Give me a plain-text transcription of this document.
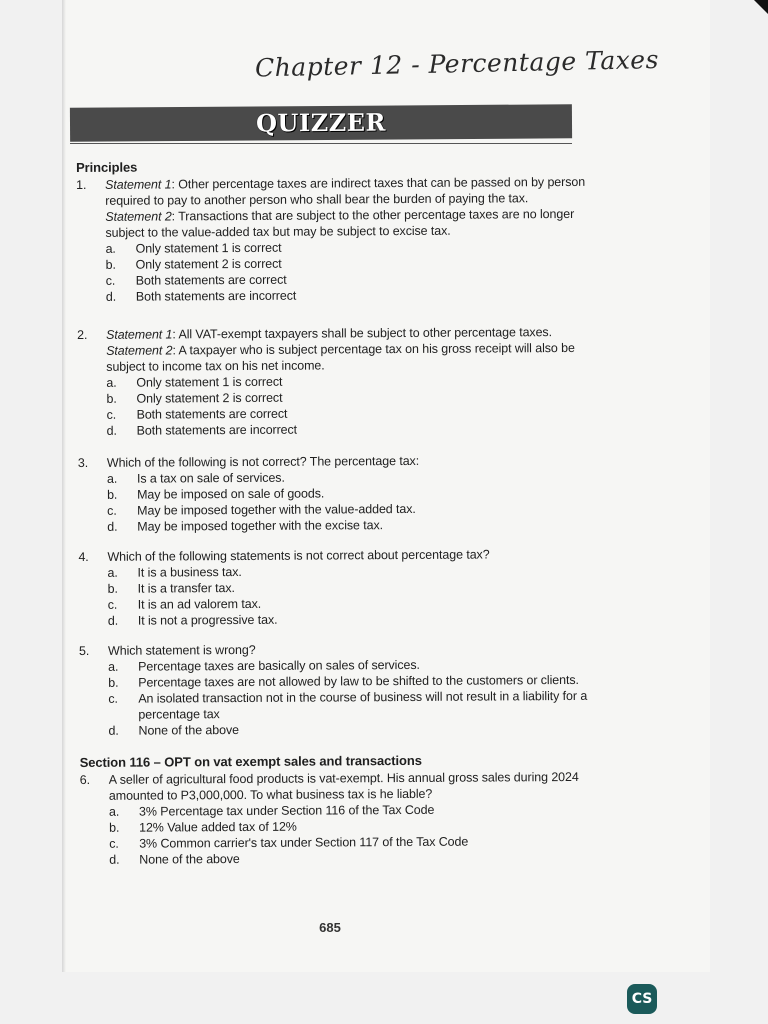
Chapter 12 - Percentage Taxes
QUIZZER
Principles
1.	Statement 1: Other percentage taxes are indirect taxes that can be passed on by person required to pay to another person who shall bear the burden of paying the tax.

Statement 2: Transactions that are subject to the other percentage taxes are no longer subject to the value-added tax but may be subject to excise tax.

a.	Only statement 1 is correct
b.	Only statement 2 is correct
c.	Both statements are correct
d.	Both statements are incorrect
2.	Statement 1: All VAT-exempt taxpayers shall be subject to other percentage taxes.

Statement 2: A taxpayer who is subject percentage tax on his gross receipt will also be subject to income tax on his net income.

a.	Only statement 1 is correct
b.	Only statement 2 is correct
c.	Both statements are correct
d.	Both statements are incorrect
3.	Which of the following is not correct? The percentage tax:

a.	Is a tax on sale of services.
b.	May be imposed on sale of goods.
c.	May be imposed together with the value-added tax.
d.	May be imposed together with the excise tax.
4.	Which of the following statements is not correct about percentage tax?

a.	It is a business tax.
b.	It is a transfer tax.
c.	It is an ad valorem tax.
d.	It is not a progressive tax.
5.	Which statement is wrong?

a.	Percentage taxes are basically on sales of services.
b.	Percentage taxes are not allowed by law to be shifted to the customers or clients.
c.	An isolated transaction not in the course of business will not result in a liability for a percentage tax
d.	None of the above
Section 116 – OPT on vat exempt sales and transactions
6.	A seller of agricultural food products is vat-exempt. His annual gross sales during 2024 amounted to P3,000,000. To what business tax is he liable?

a.	3% Percentage tax under Section 116 of the Tax Code
b.	12% Value added tax of 12%
c.	3% Common carrier's tax under Section 117 of the Tax Code
d.	None of the above
685
CS
